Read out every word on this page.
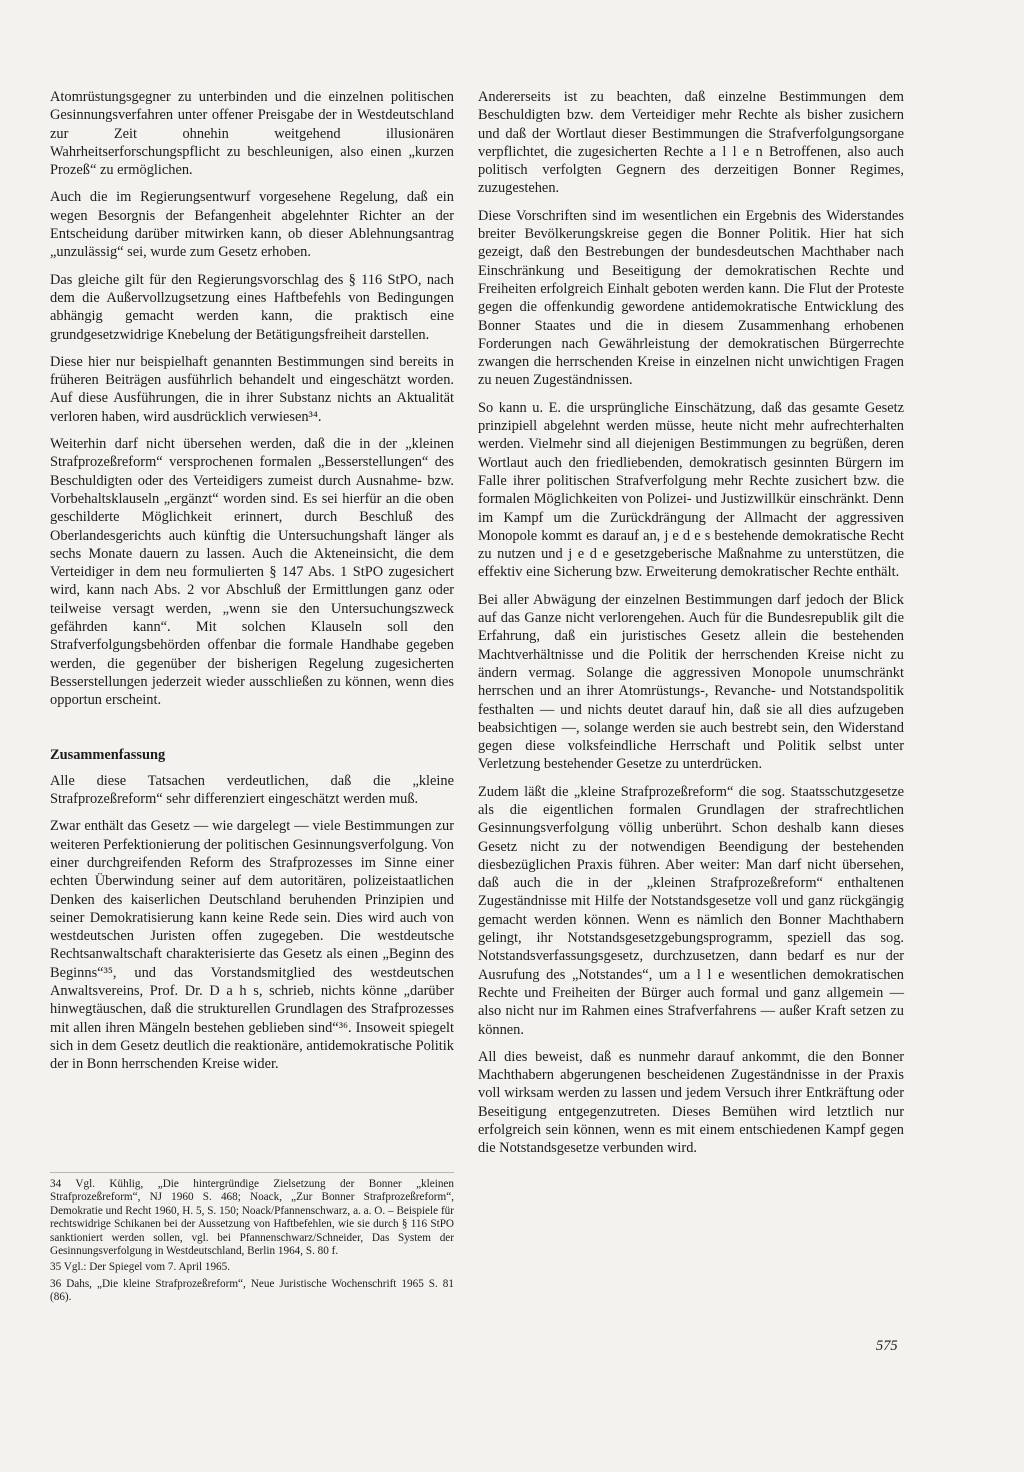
Atomrüstungsgegner zu unterbinden und die einzelnen politischen Gesinnungsverfahren unter offener Preisgabe der in Westdeutschland zur Zeit ohnehin weitgehend illusionären Wahrheitserforschungspflicht zu beschleunigen, also einen „kurzen Prozeß“ zu ermöglichen.

Auch die im Regierungsentwurf vorgesehene Regelung, daß ein wegen Besorgnis der Befangenheit abgelehnter Richter an der Entscheidung darüber mitwirken kann, ob dieser Ablehnungsantrag „unzulässig“ sei, wurde zum Gesetz erhoben.

Das gleiche gilt für den Regierungsvorschlag des § 116 StPO, nach dem die Außervollzugsetzung eines Haftbefehls von Bedingungen abhängig gemacht werden kann, die praktisch eine grundgesetzwidrige Knebelung der Betätigungsfreiheit darstellen.

Diese hier nur beispielhaft genannten Bestimmungen sind bereits in früheren Beiträgen ausführlich behandelt und eingeschätzt worden. Auf diese Ausführungen, die in ihrer Substanz nichts an Aktualität verloren haben, wird ausdrücklich verwiesen³⁴.

Weiterhin darf nicht übersehen werden, daß die in der „kleinen Strafprozeßreform“ versprochenen formalen „Besserstellungen“ des Beschuldigten oder des Verteidigers zumeist durch Ausnahme- bzw. Vorbehaltsklauseln „ergänzt“ worden sind. Es sei hierfür an die oben geschilderte Möglichkeit erinnert, durch Beschluß des Oberlandesgerichts auch künftig die Untersuchungshaft länger als sechs Monate dauern zu lassen. Auch die Akteneinsicht, die dem Verteidiger in dem neu formulierten § 147 Abs. 1 StPO zugesichert wird, kann nach Abs. 2 vor Abschluß der Ermittlungen ganz oder teilweise versagt werden, „wenn sie den Untersuchungszweck gefährden kann“. Mit solchen Klauseln soll den Strafverfolgungsbehörden offenbar die formale Handhabe gegeben werden, die gegenüber der bisherigen Regelung zugesicherten Besserstellungen jederzeit wieder ausschließen zu können, wenn dies opportun erscheint.

Zusammenfassung

Alle diese Tatsachen verdeutlichen, daß die „kleine Strafprozeßreform“ sehr differenziert eingeschätzt werden muß.

Zwar enthält das Gesetz — wie dargelegt — viele Bestimmungen zur weiteren Perfektionierung der politischen Gesinnungsverfolgung. Von einer durchgreifenden Reform des Strafprozesses im Sinne einer echten Überwindung seiner auf dem autoritären, polizeistaatlichen Denken des kaiserlichen Deutschland beruhenden Prinzipien und seiner Demokratisierung kann keine Rede sein. Dies wird auch von westdeutschen Juristen offen zugegeben. Die westdeutsche Rechtsanwaltschaft charakterisierte das Gesetz als einen „Beginn des Beginns“³⁵, und das Vorstandsmitglied des westdeutschen Anwaltsvereins, Prof. Dr. D a h s, schrieb, nichts könne „darüber hinwegtäuschen, daß die strukturellen Grundlagen des Strafprozesses mit allen ihren Mängeln bestehen geblieben sind“³⁶. Insoweit spiegelt sich in dem Gesetz deutlich die reaktionäre, antidemokratische Politik der in Bonn herrschenden Kreise wider.

34 Vgl. Kühlig, „Die hintergründige Zielsetzung der Bonner „kleinen Strafprozeßreform“, NJ 1960 S. 468; Noack, „Zur Bonner Strafprozeßreform“, Demokratie und Recht 1960, H. 5, S. 150; Noack/Pfannenschwarz, a. a. O. – Beispiele für rechtswidrige Schikanen bei der Aussetzung von Haftbefehlen, wie sie durch § 116 StPO sanktioniert werden sollen, vgl. bei Pfannenschwarz/Schneider, Das System der Gesinnungsverfolgung in Westdeutschland, Berlin 1964, S. 80 f.

35 Vgl.: Der Spiegel vom 7. April 1965.

36 Dahs, „Die kleine Strafprozeßreform“, Neue Juristische Wochenschrift 1965 S. 81 (86).

Andererseits ist zu beachten, daß einzelne Bestimmungen dem Beschuldigten bzw. dem Verteidiger mehr Rechte als bisher zusichern und daß der Wortlaut dieser Bestimmungen die Strafverfolgungsorgane verpflichtet, die zugesicherten Rechte a l l e n Betroffenen, also auch politisch verfolgten Gegnern des derzeitigen Bonner Regimes, zuzugestehen.

Diese Vorschriften sind im wesentlichen ein Ergebnis des Widerstandes breiter Bevölkerungskreise gegen die Bonner Politik. Hier hat sich gezeigt, daß den Bestrebungen der bundesdeutschen Machthaber nach Einschränkung und Beseitigung der demokratischen Rechte und Freiheiten erfolgreich Einhalt geboten werden kann. Die Flut der Proteste gegen die offenkundig gewordene antidemokratische Entwicklung des Bonner Staates und die in diesem Zusammenhang erhobenen Forderungen nach Gewährleistung der demokratischen Bürgerrechte zwangen die herrschenden Kreise in einzelnen nicht unwichtigen Fragen zu neuen Zugeständnissen.

So kann u. E. die ursprüngliche Einschätzung, daß das gesamte Gesetz prinzipiell abgelehnt werden müsse, heute nicht mehr aufrechterhalten werden. Vielmehr sind all diejenigen Bestimmungen zu begrüßen, deren Wortlaut auch den friedliebenden, demokratisch gesinnten Bürgern im Falle ihrer politischen Strafverfolgung mehr Rechte zusichert bzw. die formalen Möglichkeiten von Polizei- und Justizwillkür einschränkt. Denn im Kampf um die Zurückdrängung der Allmacht der aggressiven Monopole kommt es darauf an, j e d e s bestehende demokratische Recht zu nutzen und j e d e gesetzgeberische Maßnahme zu unterstützen, die effektiv eine Sicherung bzw. Erweiterung demokratischer Rechte enthält.

Bei aller Abwägung der einzelnen Bestimmungen darf jedoch der Blick auf das Ganze nicht verlorengehen. Auch für die Bundesrepublik gilt die Erfahrung, daß ein juristisches Gesetz allein die bestehenden Machtverhältnisse und die Politik der herrschenden Kreise nicht zu ändern vermag. Solange die aggressiven Monopole unumschränkt herrschen und an ihrer Atomrüstungs-, Revanche- und Notstandspolitik festhalten — und nichts deutet darauf hin, daß sie all dies aufzugeben beabsichtigen —, solange werden sie auch bestrebt sein, den Widerstand gegen diese volksfeindliche Herrschaft und Politik selbst unter Verletzung bestehender Gesetze zu unterdrücken.

Zudem läßt die „kleine Strafprozeßreform“ die sog. Staatsschutzgesetze als die eigentlichen formalen Grundlagen der strafrechtlichen Gesinnungsverfolgung völlig unberührt. Schon deshalb kann dieses Gesetz nicht zu der notwendigen Beendigung der bestehenden diesbezüglichen Praxis führen. Aber weiter: Man darf nicht übersehen, daß auch die in der „kleinen Strafprozeßreform“ enthaltenen Zugeständnisse mit Hilfe der Notstandsgesetze voll und ganz rückgängig gemacht werden können. Wenn es nämlich den Bonner Machthabern gelingt, ihr Notstandsgesetzgebungsprogramm, speziell das sog. Notstandsverfassungsgesetz, durchzusetzen, dann bedarf es nur der Ausrufung des „Notstandes“, um a l l e wesentlichen demokratischen Rechte und Freiheiten der Bürger auch formal und ganz allgemein — also nicht nur im Rahmen eines Strafverfahrens — außer Kraft setzen zu können.

All dies beweist, daß es nunmehr darauf ankommt, die den Bonner Machthabern abgerungenen bescheidenen Zugeständnisse in der Praxis voll wirksam werden zu lassen und jedem Versuch ihrer Entkräftung oder Beseitigung entgegenzutreten. Dieses Bemühen wird letztlich nur erfolgreich sein können, wenn es mit einem entschiedenen Kampf gegen die Notstandsgesetze verbunden wird.

575
